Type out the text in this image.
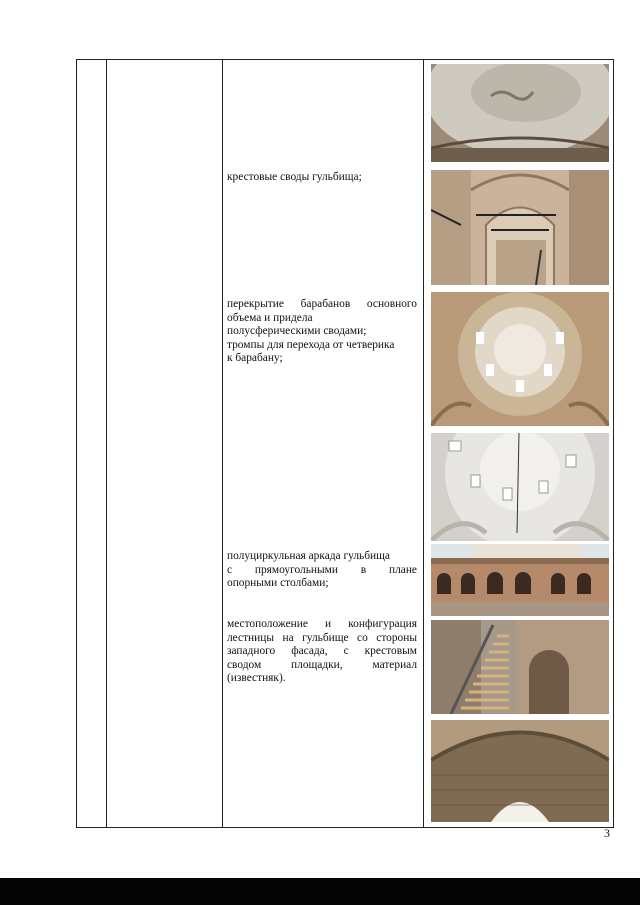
крестовые своды гульбища;
перекрытие барабанов основного
объема и придела
полусферическими сводами;
тромпы для перехода от четверика
к барабану;
полуциркульная аркада гульбища
с прямоугольными в плане
опорными столбами;
местоположение и конфигурация
лестницы на гульбище со стороны
западного фасада, с крестовым
сводом площадки, материал
(известняк).
3
